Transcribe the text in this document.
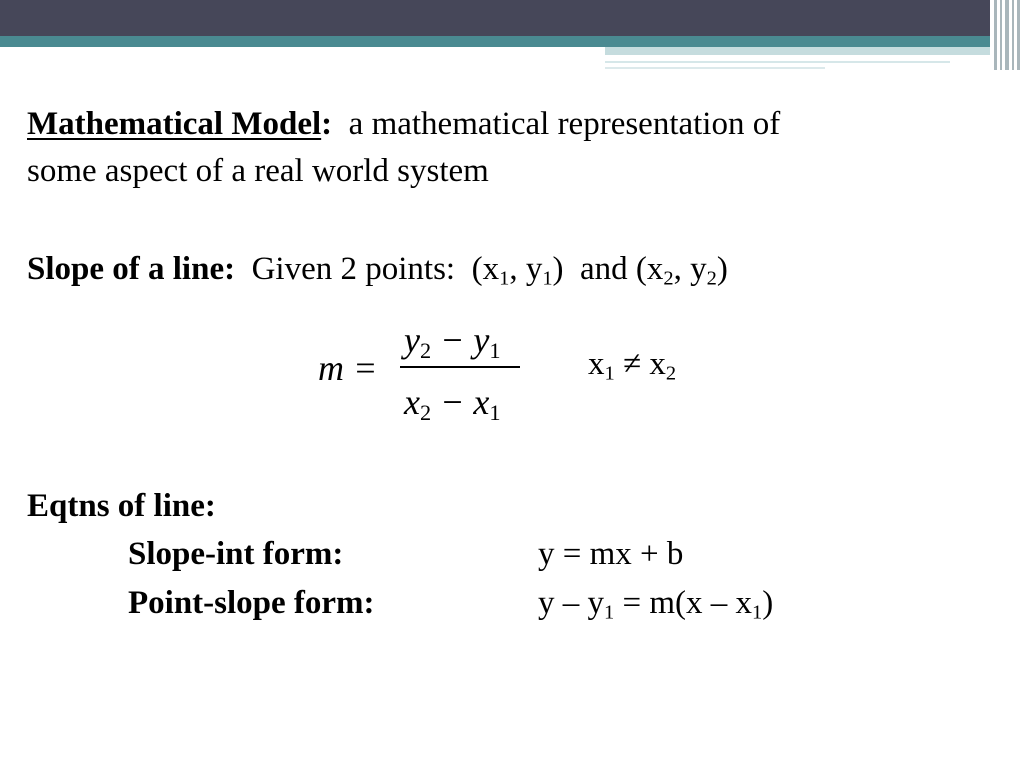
Mathematical Model: a mathematical representation of
some aspect of a real world system
Slope of a line: Given 2 points: ($x_1$, $y_1$) and ($x_2$, $y_2$)
m =
$y_2 - y_1$
$x_2 - x_1$
$x_1 \ne x_2$
Eqtns of line:
Slope-int form:	y = mx + b
Point-slope form:	$y - y_1 = m(x - x_1)$
